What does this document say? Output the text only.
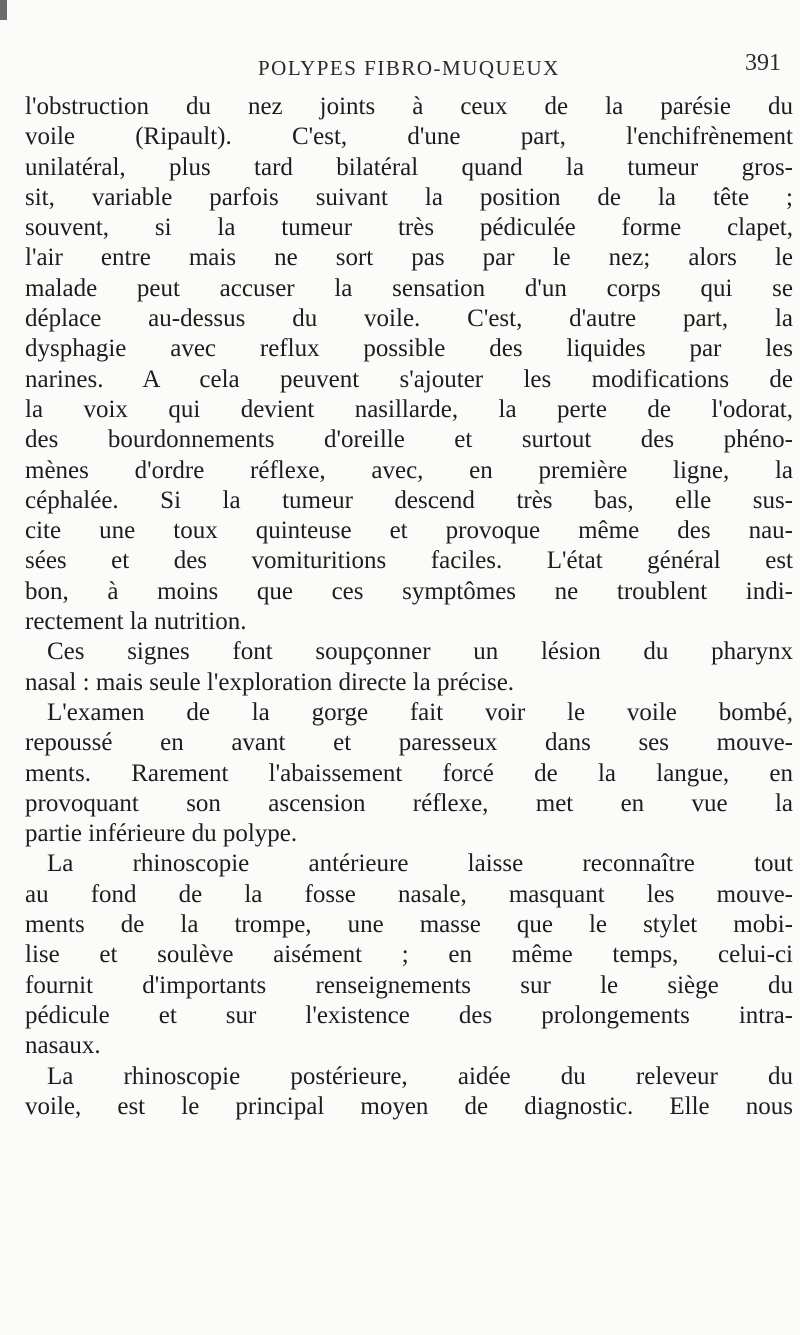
POLYPES FIBRO-MUQUEUX	391
l'obstruction du nez joints à ceux de la parésie du
voile (Ripault). C'est, d'une part, l'enchifrènement
unilatéral, plus tard bilatéral quand la tumeur gros-
sit, variable parfois suivant la position de la tête ;
souvent, si la tumeur très pédiculée forme clapet,
l'air entre mais ne sort pas par le nez; alors le
malade peut accuser la sensation d'un corps qui se
déplace au-dessus du voile. C'est, d'autre part, la
dysphagie avec reflux possible des liquides par les
narines. A cela peuvent s'ajouter les modifications de
la voix qui devient nasillarde, la perte de l'odorat,
des bourdonnements d'oreille et surtout des phéno-
mènes d'ordre réflexe, avec, en première ligne, la
céphalée. Si la tumeur descend très bas, elle sus-
cite une toux quinteuse et provoque même des nau-
sées et des vomituritions faciles. L'état général est
bon, à moins que ces symptômes ne troublent indi-
rectement la nutrition.
Ces signes font soupçonner un lésion du pharynx
nasal : mais seule l'exploration directe la précise.
L'examen de la gorge fait voir le voile bombé,
repoussé en avant et paresseux dans ses mouve-
ments. Rarement l'abaissement forcé de la langue, en
provoquant son ascension réflexe, met en vue la
partie inférieure du polype.
La rhinoscopie antérieure laisse reconnaître tout
au fond de la fosse nasale, masquant les mouve-
ments de la trompe, une masse que le stylet mobi-
lise et soulève aisément ; en même temps, celui-ci
fournit d'importants renseignements sur le siège du
pédicule et sur l'existence des prolongements intra-
nasaux.
La rhinoscopie postérieure, aidée du releveur du
voile, est le principal moyen de diagnostic. Elle nous
